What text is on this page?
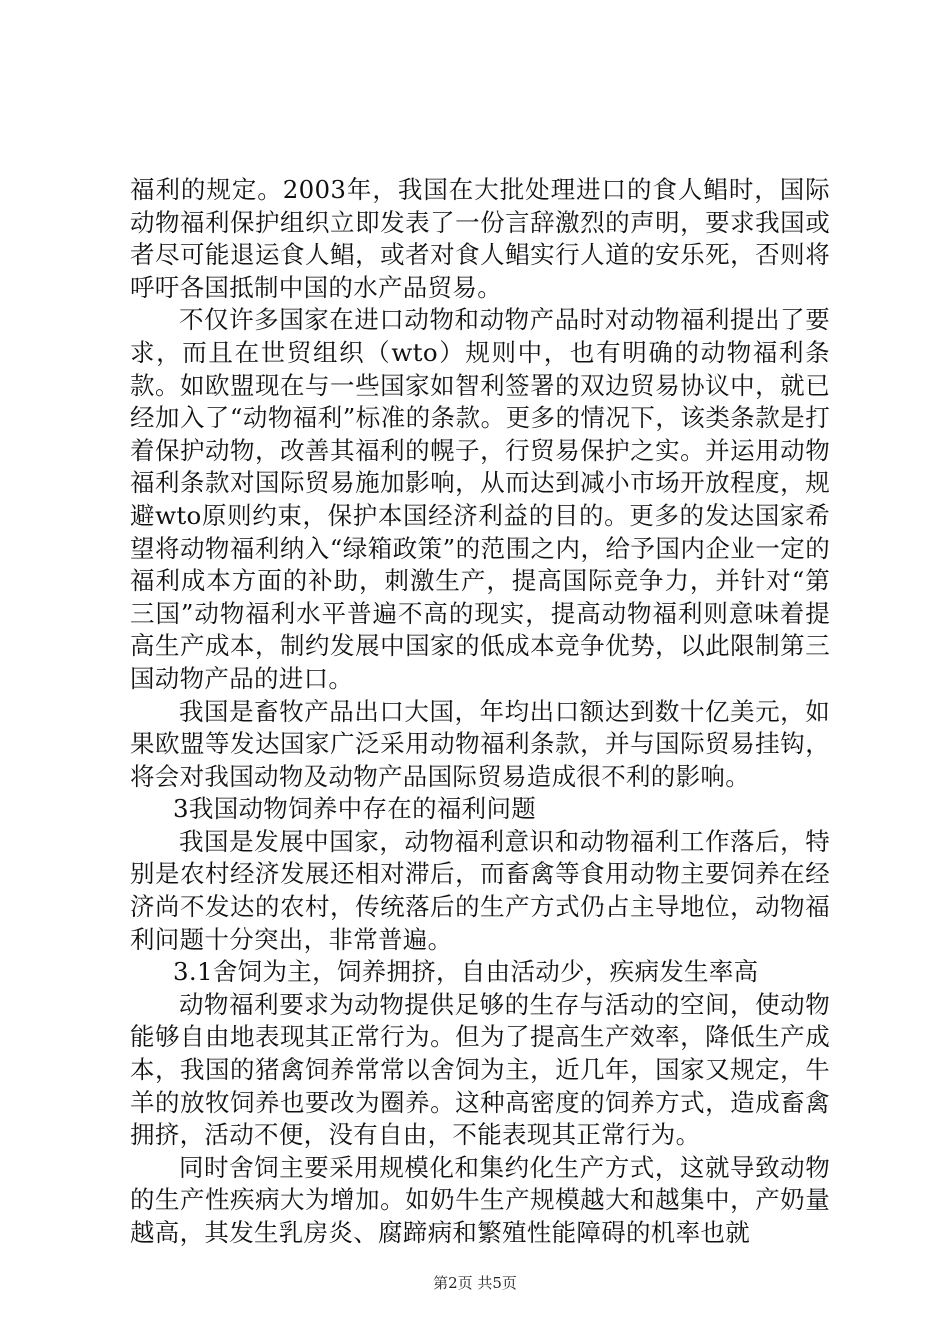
福利的规定。2003年，我国在大批处理进口的食人鲳时，国际动物福利保护组织立即发表了一份言辞激烈的声明，要求我国或者尽可能退运食人鲳，或者对食人鲳实行人道的安乐死，否则将呼吁各国抵制中国的水产品贸易。

不仅许多国家在进口动物和动物产品时对动物福利提出了要求，而且在世贸组织（wto）规则中，也有明确的动物福利条款。如欧盟现在与一些国家如智利签署的双边贸易协议中，就已经加入了“动物福利”标准的条款。更多的情况下，该类条款是打着保护动物，改善其福利的幌子，行贸易保护之实。并运用动物福利条款对国际贸易施加影响，从而达到减小市场开放程度，规避wto原则约束，保护本国经济利益的目的。更多的发达国家希望将动物福利纳入“绿箱政策”的范围之内，给予国内企业一定的福利成本方面的补助，刺激生产，提高国际竞争力，并针对“第三国”动物福利水平普遍不高的现实，提高动物福利则意味着提高生产成本，制约发展中国家的低成本竞争优势，以此限制第三国动物产品的进口。

我国是畜牧产品出口大国，年均出口额达到数十亿美元，如果欧盟等发达国家广泛采用动物福利条款，并与国际贸易挂钩，将会对我国动物及动物产品国际贸易造成很不利的影响。

3我国动物饲养中存在的福利问题

我国是发展中国家，动物福利意识和动物福利工作落后，特别是农村经济发展还相对滞后，而畜禽等食用动物主要饲养在经济尚不发达的农村，传统落后的生产方式仍占主导地位，动物福利问题十分突出，非常普遍。

3.1舍饲为主，饲养拥挤，自由活动少，疾病发生率高

动物福利要求为动物提供足够的生存与活动的空间，使动物能够自由地表现其正常行为。但为了提高生产效率，降低生产成本，我国的猪禽饲养常常以舍饲为主，近几年，国家又规定，牛羊的放牧饲养也要改为圈养。这种高密度的饲养方式，造成畜禽拥挤，活动不便，没有自由，不能表现其正常行为。

同时舍饲主要采用规模化和集约化生产方式，这就导致动物的生产性疾病大为增加。如奶牛生产规模越大和越集中，产奶量越高，其发生乳房炎、腐蹄病和繁殖性能障碍的机率也就

第2页 共5页
